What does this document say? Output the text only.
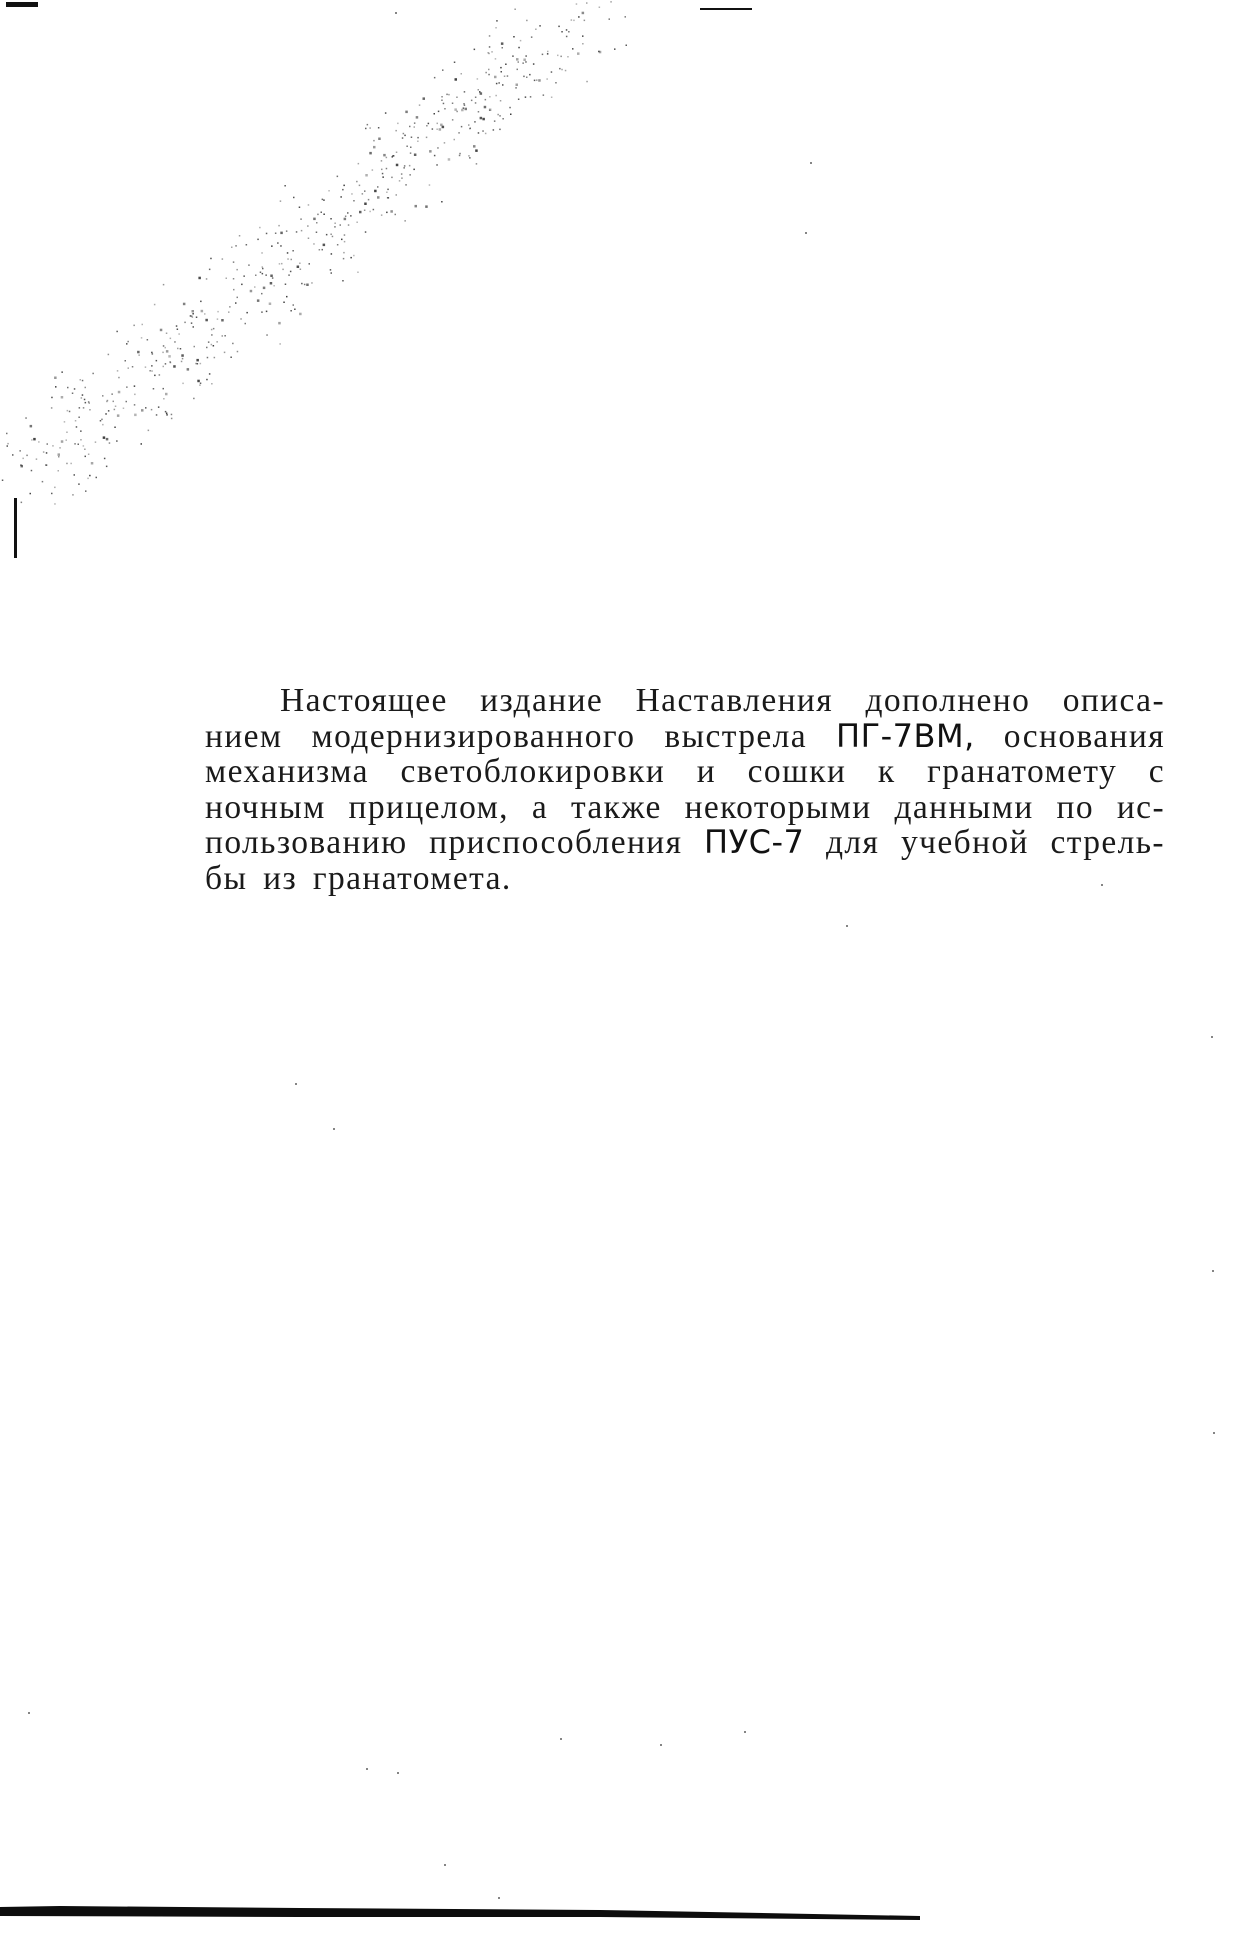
Настоящее издание Наставления дополнено описа-
нием модернизированного выстрела ПГ-7ВМ, основания
механизма светоблокировки и сошки к гранатомету с
ночным прицелом, а также некоторыми данными по ис-
пользованию приспособления ПУС-7 для учебной стрель-
бы из гранатомета.
